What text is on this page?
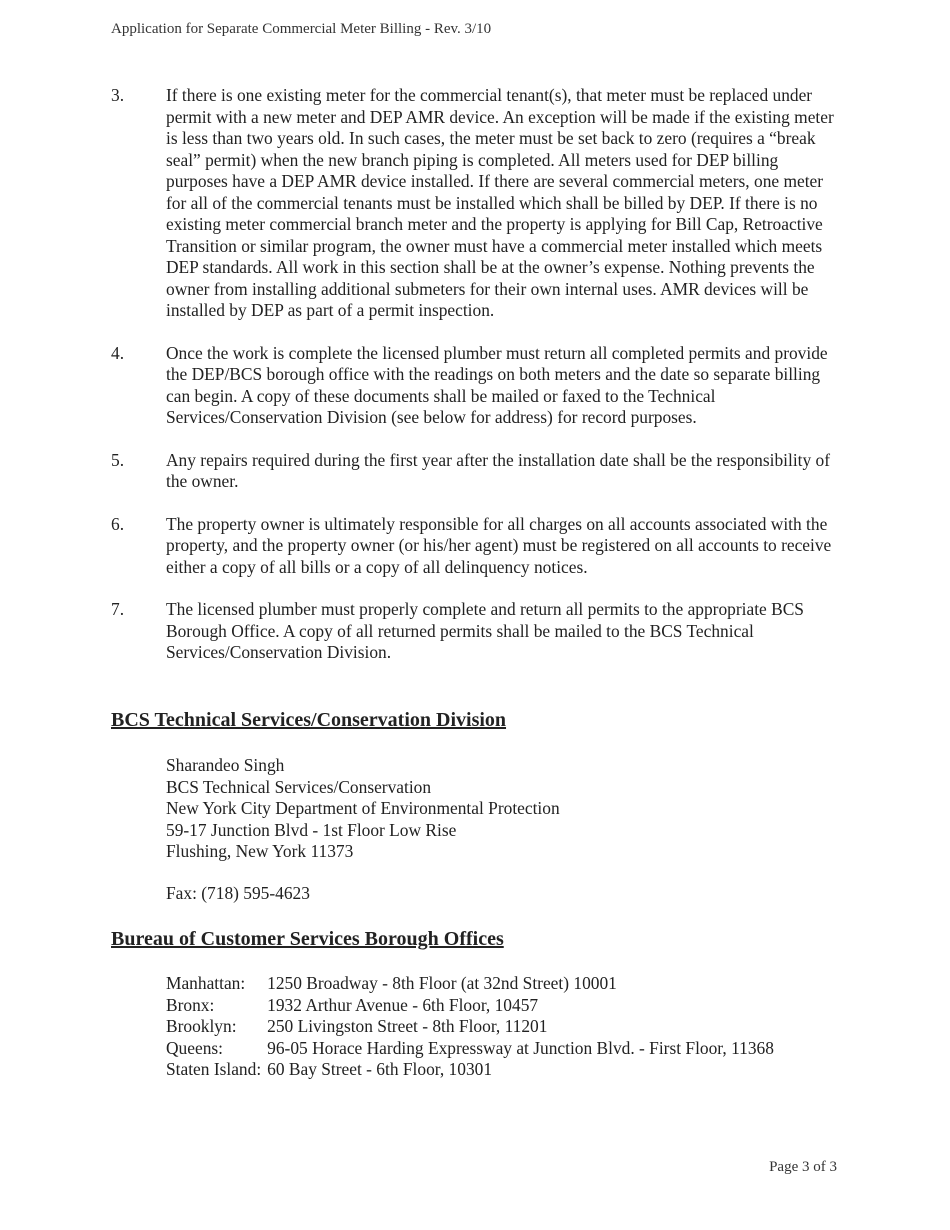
Application for Separate Commercial Meter Billing - Rev. 3/10
3.	If there is one existing meter for the commercial tenant(s), that meter must be replaced under permit with a new meter and DEP AMR device. An exception will be made if the existing meter is less than two years old. In such cases, the meter must be set back to zero (requires a “break seal” permit) when the new branch piping is completed. All meters used for DEP billing purposes have a DEP AMR device installed. If there are several commercial meters, one meter for all of the commercial tenants must be installed which shall be billed by DEP. If there is no existing meter commercial branch meter and the property is applying for Bill Cap, Retroactive Transition or similar program, the owner must have a commercial meter installed which meets DEP standards. All work in this section shall be at the owner’s expense. Nothing prevents the owner from installing additional submeters for their own internal uses. AMR devices will be installed by DEP as part of a permit inspection.
4.	Once the work is complete the licensed plumber must return all completed permits and provide the DEP/BCS borough office with the readings on both meters and the date so separate billing can begin. A copy of these documents shall be mailed or faxed to the Technical Services/Conservation Division (see below for address) for record purposes.
5.	Any repairs required during the first year after the installation date shall be the responsibility of the owner.
6.	The property owner is ultimately responsible for all charges on all accounts associated with the property, and the property owner (or his/her agent) must be registered on all accounts to receive either a copy of all bills or a copy of all delinquency notices.
7.	The licensed plumber must properly complete and return all permits to the appropriate BCS Borough Office. A copy of all returned permits shall be mailed to the BCS Technical Services/Conservation Division.
BCS Technical Services/Conservation Division
Sharandeo Singh
BCS Technical Services/Conservation
New York City Department of Environmental Protection
59-17 Junction Blvd - 1st Floor Low Rise
Flushing, New York 11373
Fax: (718) 595-4623
Bureau of Customer Services Borough Offices
Manhattan:	1250 Broadway - 8th Floor (at 32nd Street) 10001
Bronx:	1932 Arthur Avenue - 6th Floor, 10457
Brooklyn:	250 Livingston Street - 8th Floor, 11201
Queens:	96-05 Horace Harding Expressway at Junction Blvd. - First Floor, 11368
Staten Island:	60 Bay Street - 6th Floor, 10301
Page 3 of 3
